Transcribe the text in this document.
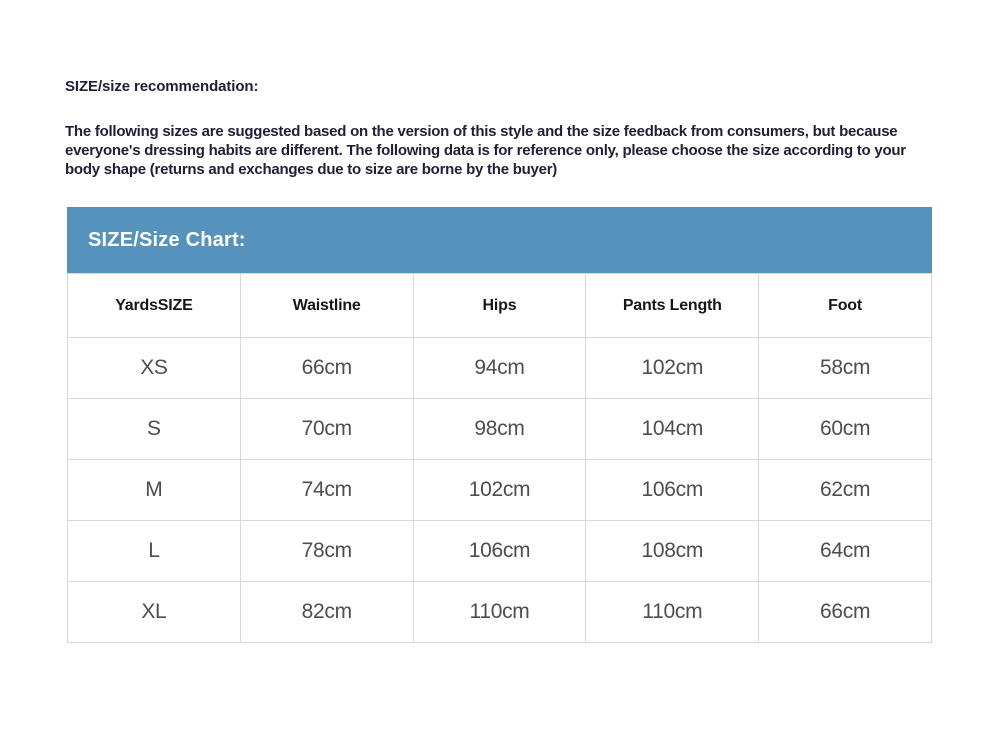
SIZE/size recommendation:

The following sizes are suggested based on the version of this style and the size feedback from consumers, but because everyone's dressing habits are different. The following data is for reference only, please choose the size according to your body shape (returns and exchanges due to size are borne by the buyer)

SIZE/Size Chart:
YardsSIZE	Waistline	Hips	Pants Length	Foot
XS	66cm	94cm	102cm	58cm
S	70cm	98cm	104cm	60cm
M	74cm	102cm	106cm	62cm
L	78cm	106cm	108cm	64cm
XL	82cm	110cm	110cm	66cm
